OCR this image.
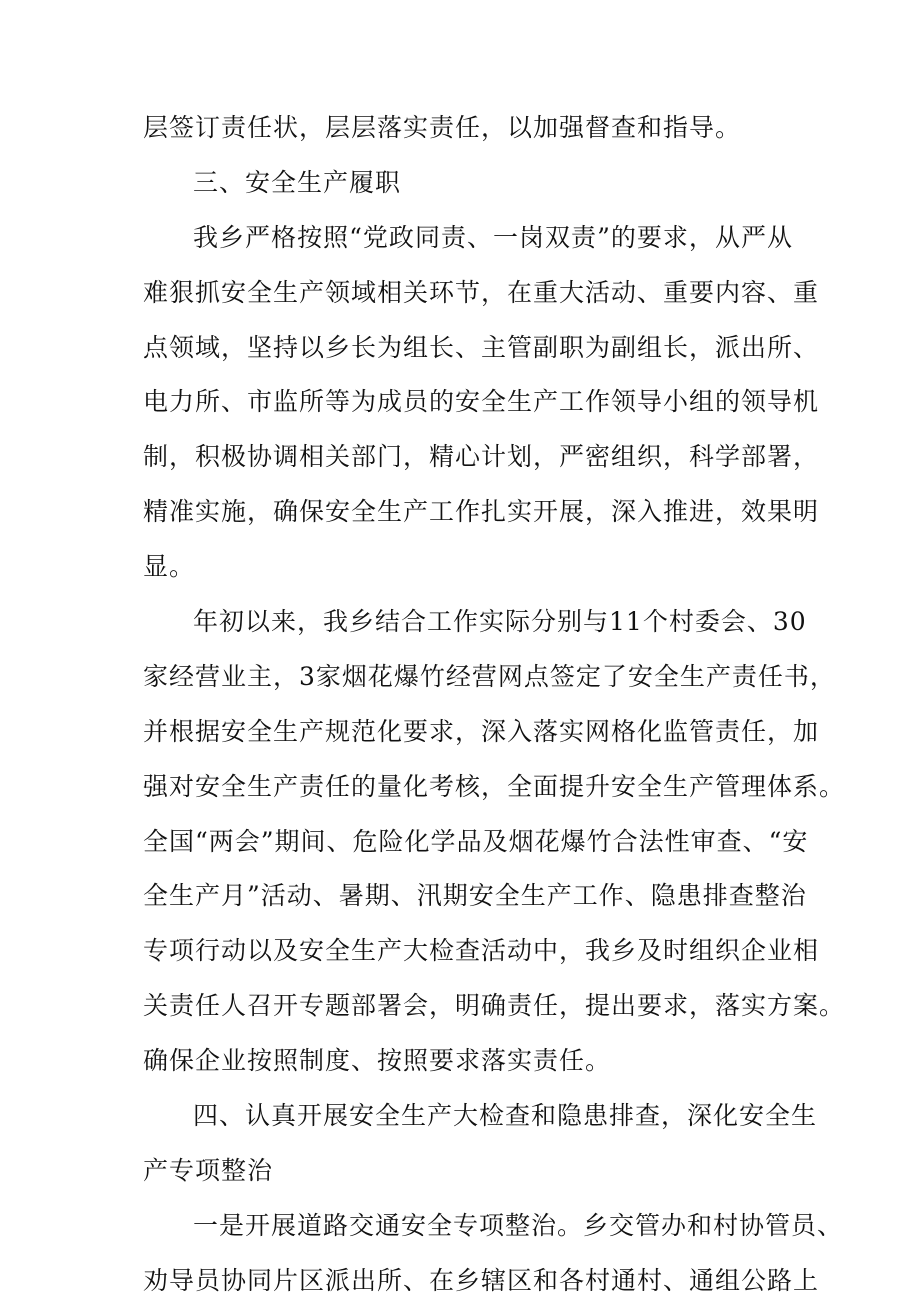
层签订责任状，层层落实责任，以加强督查和指导。
三、安全生产履职
我乡严格按照“党政同责、一岗双责”的要求，从严从
难狠抓安全生产领域相关环节，在重大活动、重要内容、重
点领域，坚持以乡长为组长、主管副职为副组长，派出所、
电力所、市监所等为成员的安全生产工作领导小组的领导机
制，积极协调相关部门，精心计划，严密组织，科学部署，
精准实施，确保安全生产工作扎实开展，深入推进，效果明
显。
年初以来，我乡结合工作实际分别与11个村委会、30
家经营业主，3家烟花爆竹经营网点签定了安全生产责任书，
并根据安全生产规范化要求，深入落实网格化监管责任，加
强对安全生产责任的量化考核，全面提升安全生产管理体系。
全国“两会”期间、危险化学品及烟花爆竹合法性审查、“安
全生产月”活动、暑期、汛期安全生产工作、隐患排查整治
专项行动以及安全生产大检查活动中，我乡及时组织企业相
关责任人召开专题部署会，明确责任，提出要求，落实方案。
确保企业按照制度、按照要求落实责任。
四、认真开展安全生产大检查和隐患排查，深化安全生
产专项整治
一是开展道路交通安全专项整治。乡交管办和村协管员、
劝导员协同片区派出所、在乡辖区和各村通村、通组公路上
